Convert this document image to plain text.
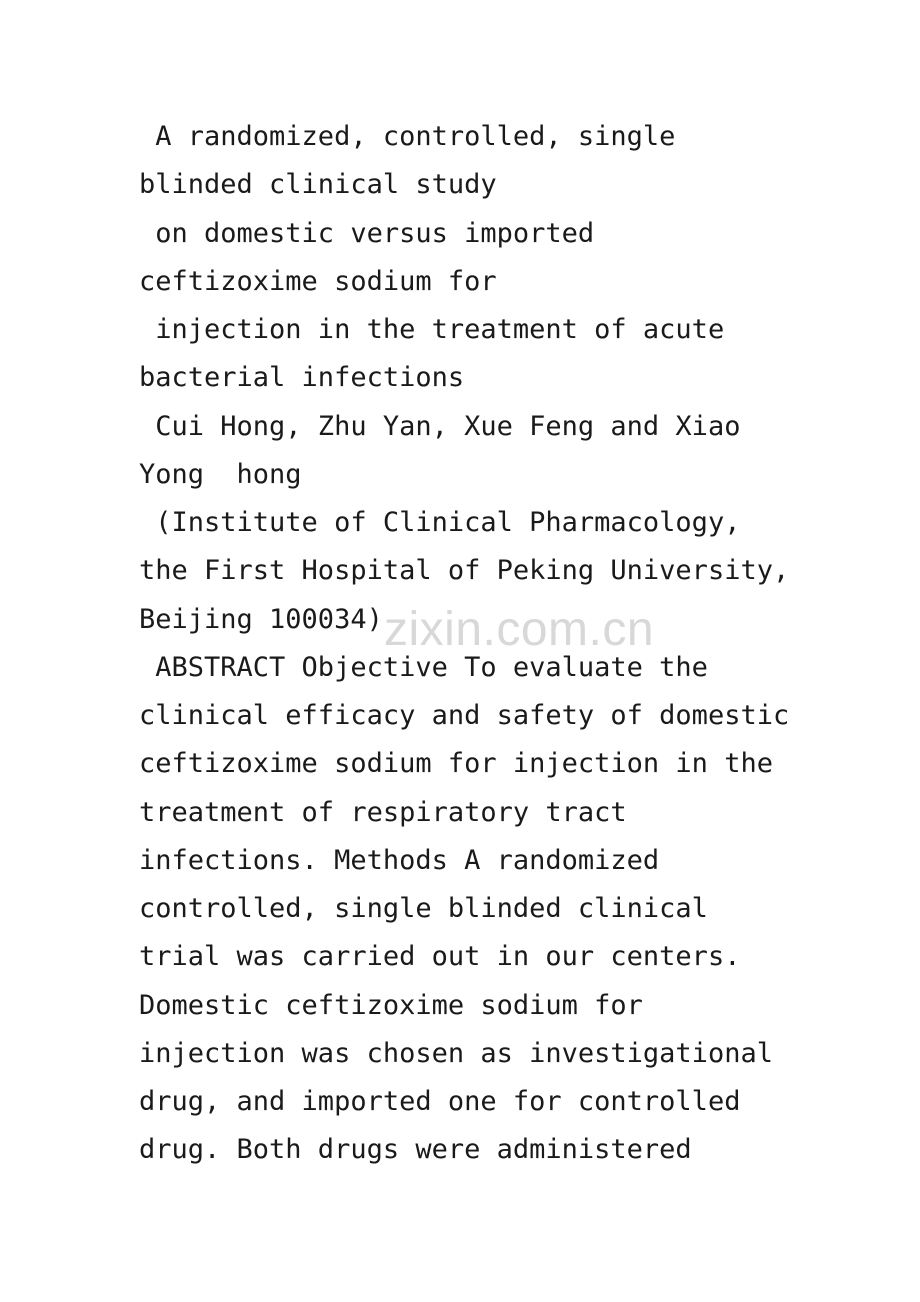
zixin.com.cn
A randomized, controlled, single
blinded clinical study
on domestic versus imported
ceftizoxime sodium for
injection in the treatment of acute
bacterial infections
Cui Hong, Zhu Yan, Xue Feng and Xiao
Yong  hong
(Institute of Clinical Pharmacology,
the First Hospital of Peking University,
Beijing 100034)
ABSTRACT Objective To evaluate the
clinical efficacy and safety of domestic
ceftizoxime sodium for injection in the
treatment of respiratory tract
infections. Methods A randomized
controlled, single blinded clinical
trial was carried out in our centers.
Domestic ceftizoxime sodium for
injection was chosen as investigational
drug, and imported one for controlled
drug. Both drugs were administered
